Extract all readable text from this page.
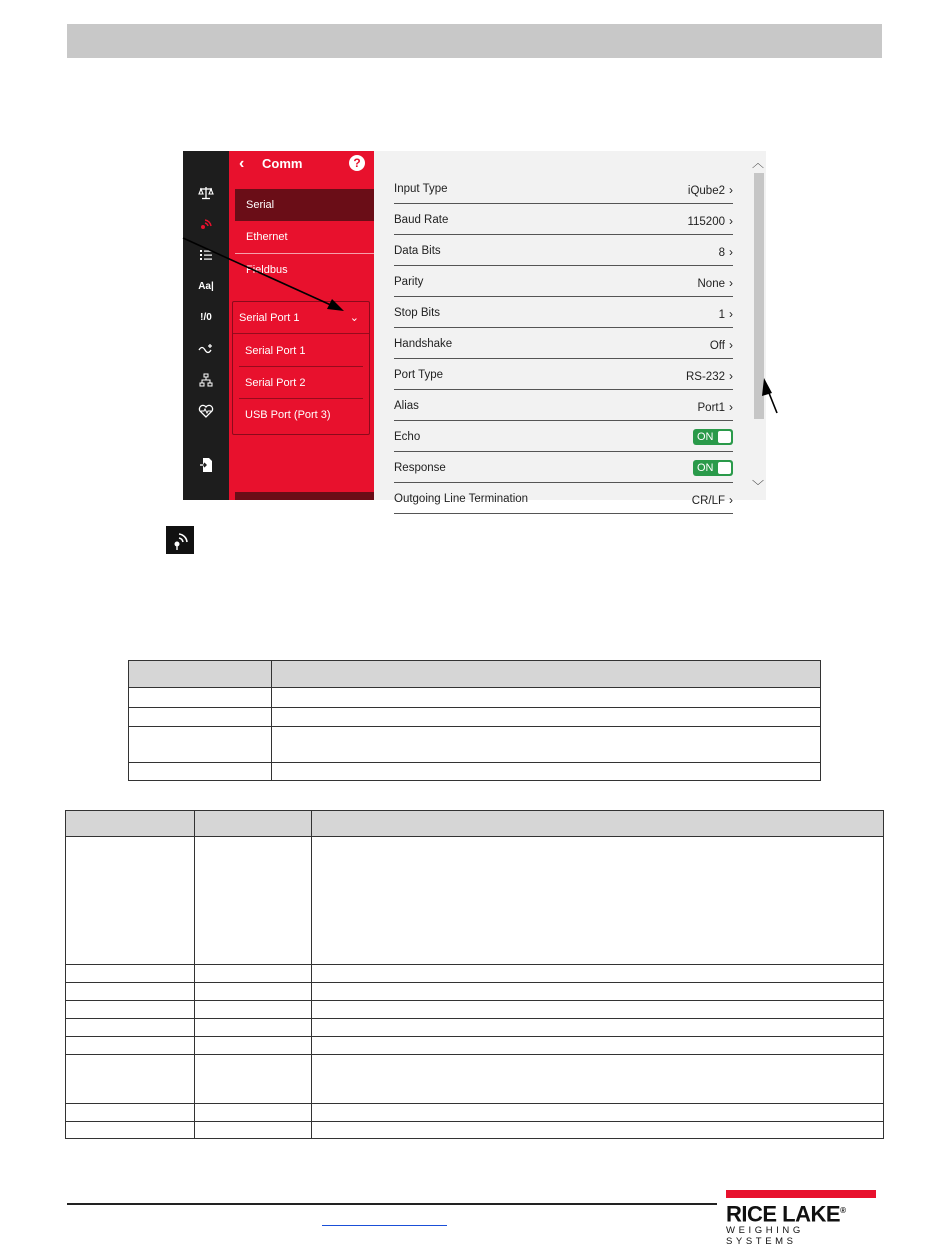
Aa|
!/0
‹ Comm	?
Serial
Ethernet
Fieldbus
Serial Port 1	⌄
Serial Port 1
Serial Port 2
USB Port (Port 3)
Input Type	iQube2 ›
Baud Rate	115200 ›
Data Bits	8 ›
Parity	None ›
Stop Bits	1 ›
Handshake	Off ›
Port Type	RS-232 ›
Alias	Port1 ›
Echo	ON
Response	ON
Outgoing Line Termination	CR/LF ›
︿
﹀

RICE LAKE®
WEIGHING SYSTEMS
